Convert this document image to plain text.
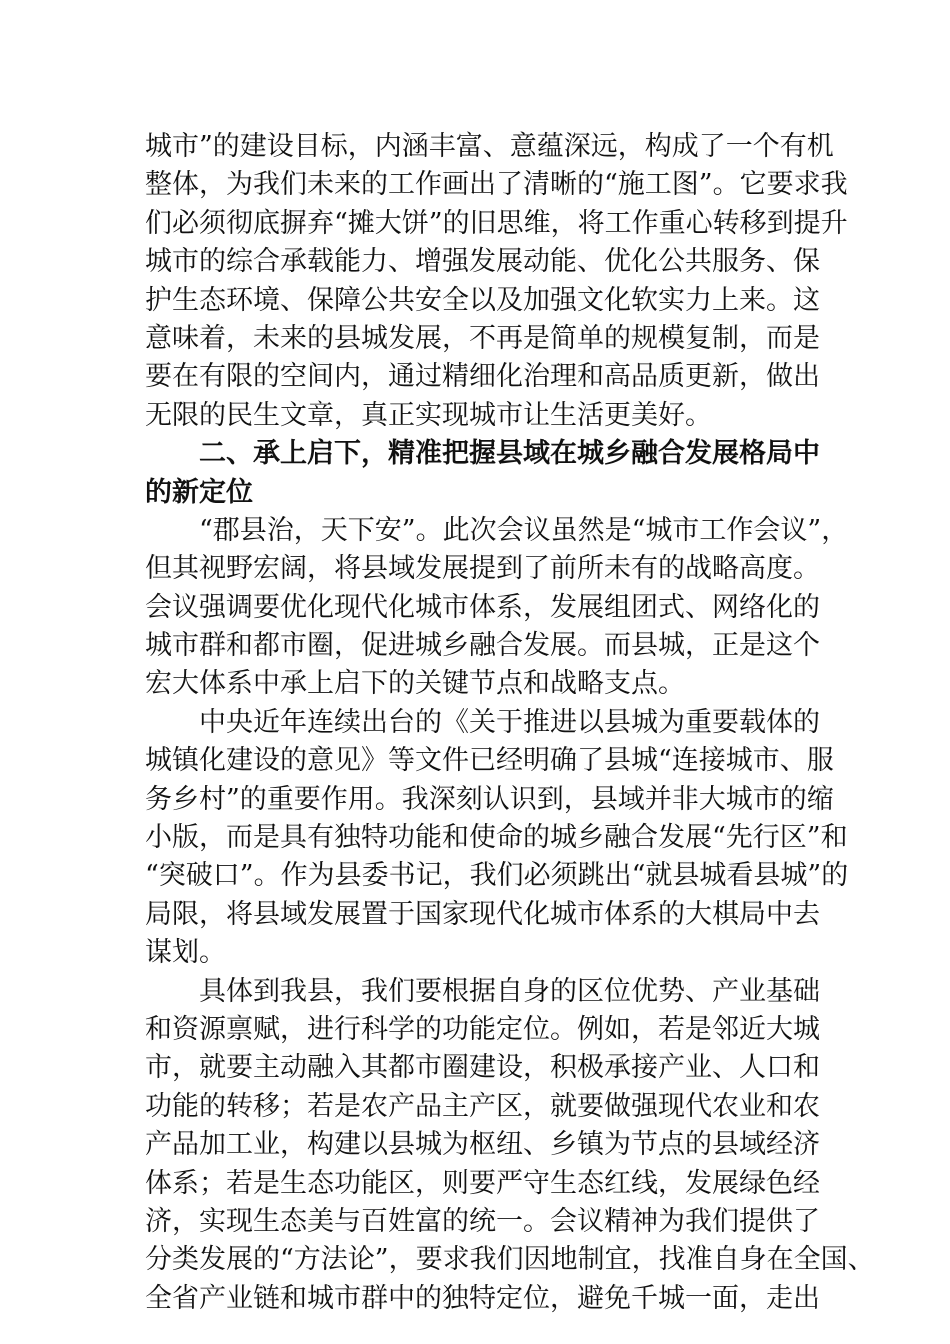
城市”的建设目标，内涵丰富、意蕴深远，构成了一个有机
整体，为我们未来的工作画出了清晰的“施工图”。它要求我
们必须彻底摒弃“摊大饼”的旧思维，将工作重心转移到提升
城市的综合承载能力、增强发展动能、优化公共服务、保
护生态环境、保障公共安全以及加强文化软实力上来。这
意味着，未来的县城发展，不再是简单的规模复制，而是
要在有限的空间内，通过精细化治理和高品质更新，做出
无限的民生文章，真正实现城市让生活更美好。
二、承上启下，精准把握县域在城乡融合发展格局中
的新定位
“郡县治，天下安”。此次会议虽然是“城市工作会议”，
但其视野宏阔，将县域发展提到了前所未有的战略高度。
会议强调要优化现代化城市体系，发展组团式、网络化的
城市群和都市圈，促进城乡融合发展。而县城，正是这个
宏大体系中承上启下的关键节点和战略支点。
中央近年连续出台的《关于推进以县城为重要载体的
城镇化建设的意见》等文件已经明确了县城“连接城市、服
务乡村”的重要作用。我深刻认识到，县域并非大城市的缩
小版，而是具有独特功能和使命的城乡融合发展“先行区”和
“突破口”。作为县委书记，我们必须跳出“就县城看县城”的
局限，将县域发展置于国家现代化城市体系的大棋局中去
谋划。
具体到我县，我们要根据自身的区位优势、产业基础
和资源禀赋，进行科学的功能定位。例如，若是邻近大城
市，就要主动融入其都市圈建设，积极承接产业、人口和
功能的转移；若是农产品主产区，就要做强现代农业和农
产品加工业，构建以县城为枢纽、乡镇为节点的县域经济
体系；若是生态功能区，则要严守生态红线，发展绿色经
济，实现生态美与百姓富的统一。会议精神为我们提供了
分类发展的“方法论”，要求我们因地制宜，找准自身在全国、
全省产业链和城市群中的独特定位，避免千城一面，走出
